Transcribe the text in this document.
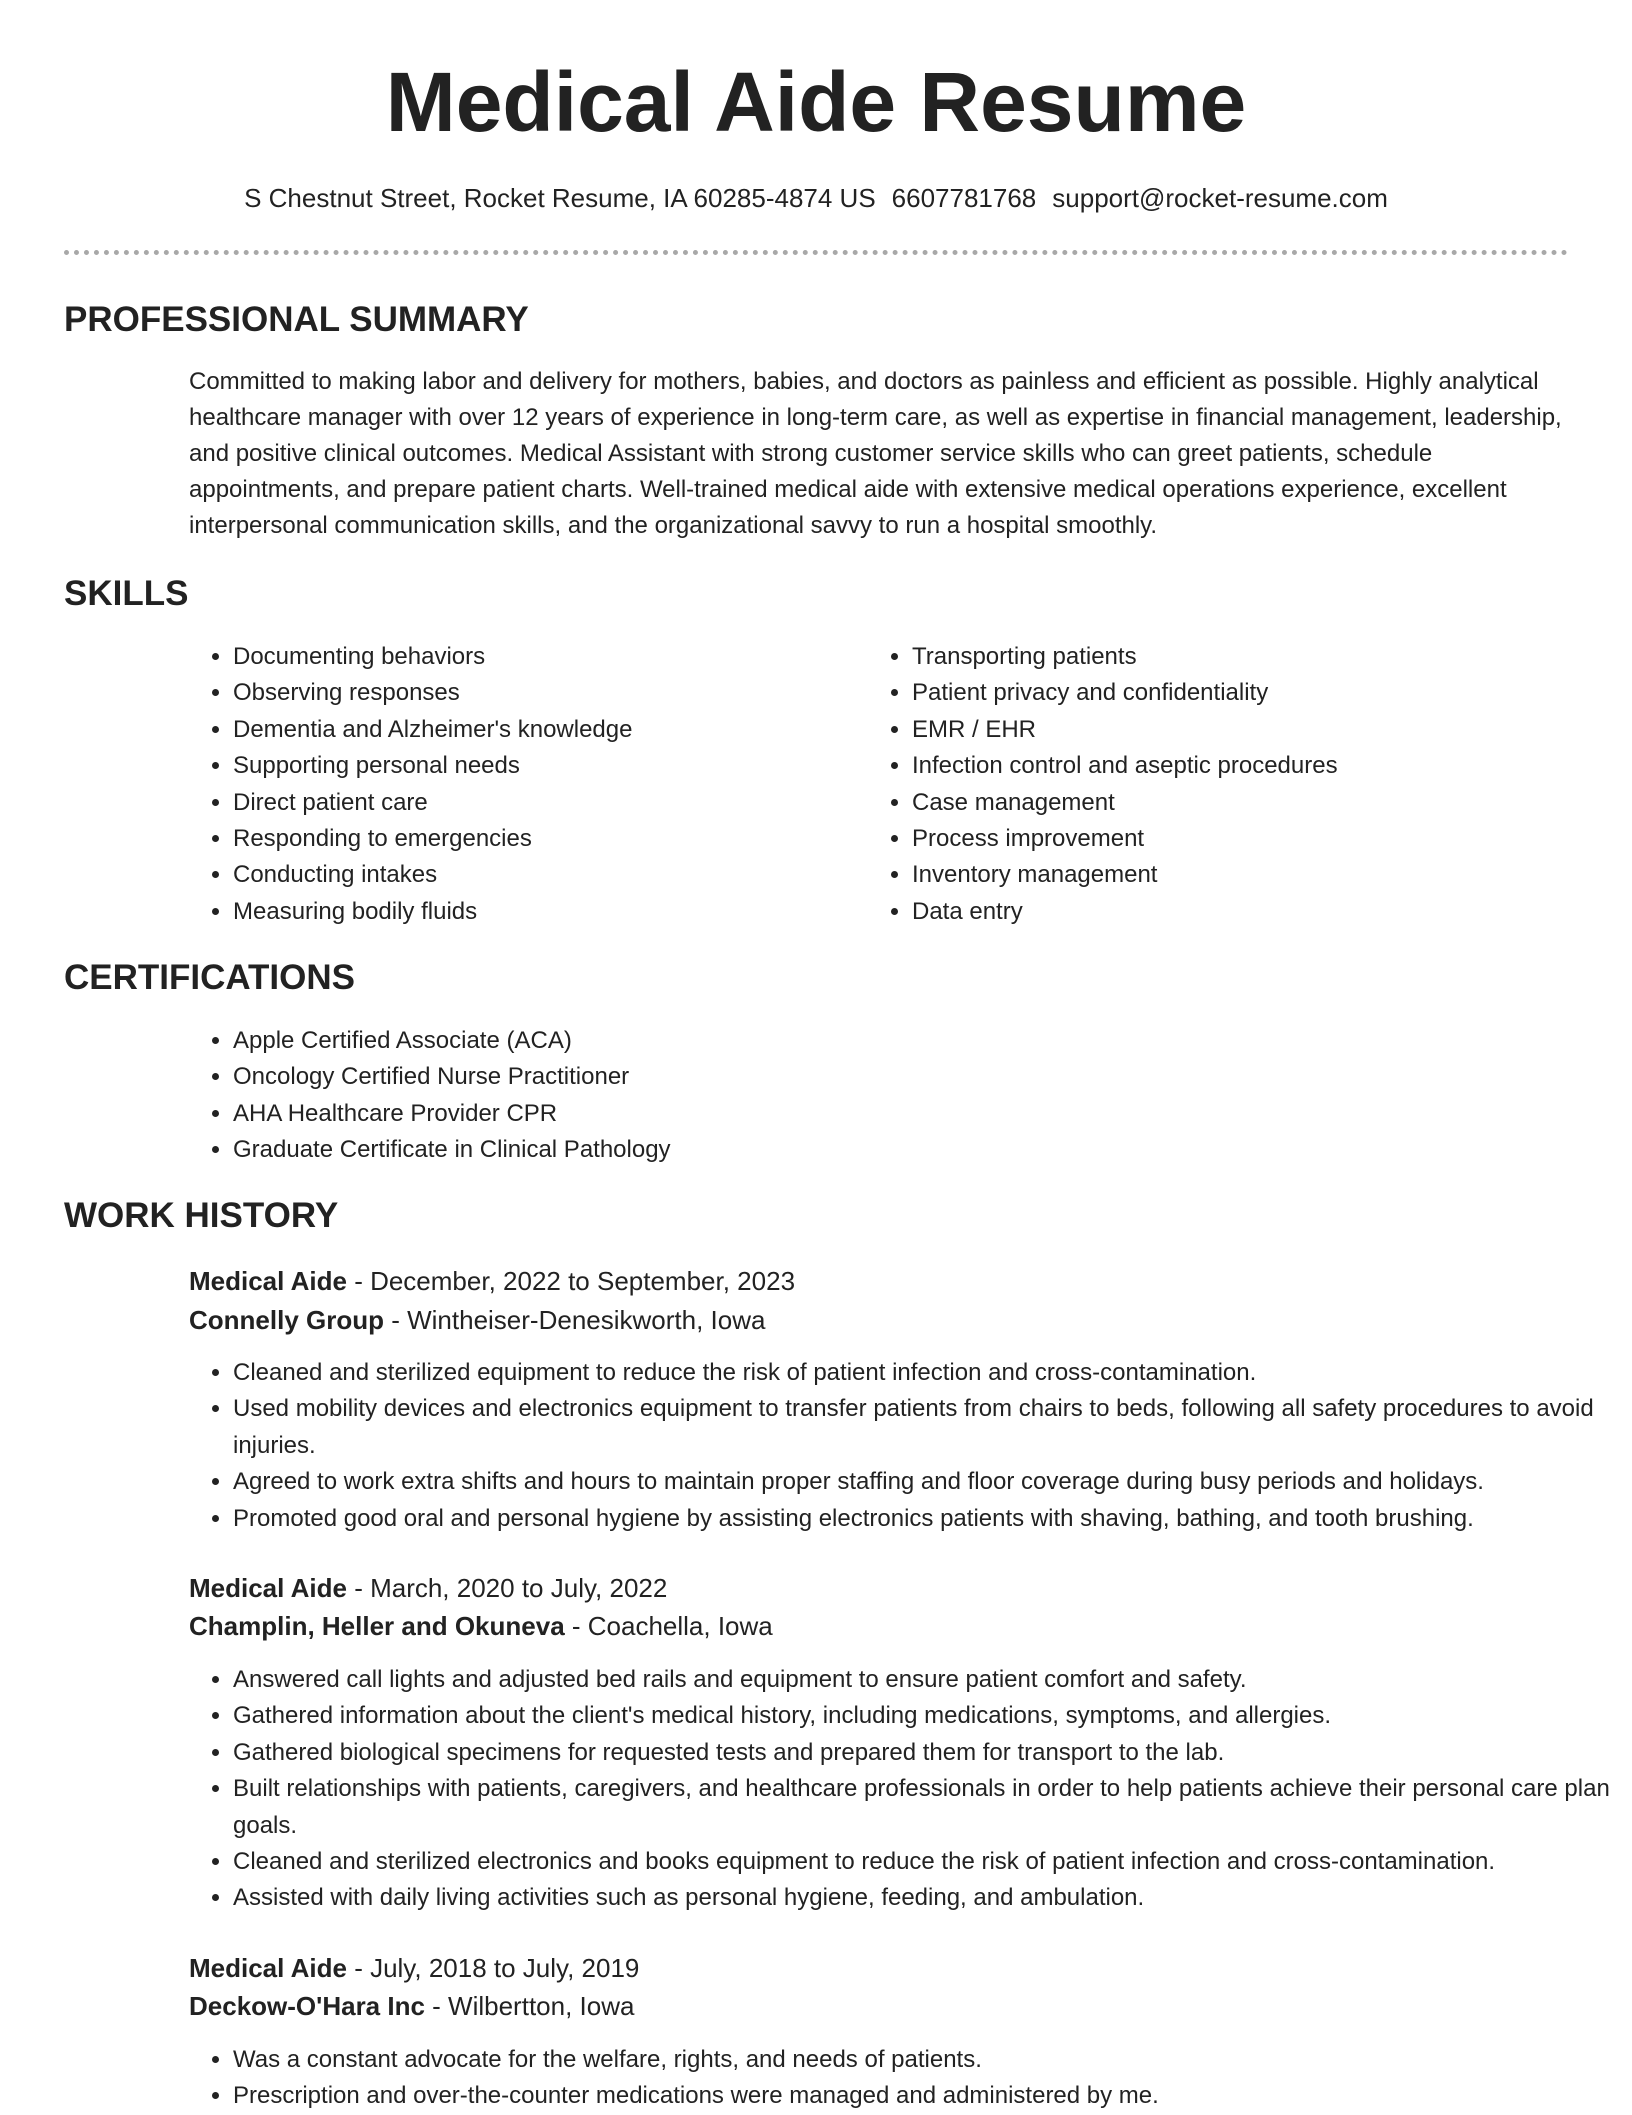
Medical Aide Resume
S Chestnut Street, Rocket Resume, IA 60285-4874 US 6607781768 support@rocket-resume.com
PROFESSIONAL SUMMARY

Committed to making labor and delivery for mothers, babies, and doctors as painless and efficient as possible. Highly analytical healthcare manager with over 12 years of experience in long-term care, as well as expertise in financial management, leadership, and positive clinical outcomes. Medical Assistant with strong customer service skills who can greet patients, schedule appointments, and prepare patient charts. Well-trained medical aide with extensive medical operations experience, excellent interpersonal communication skills, and the organizational savvy to run a hospital smoothly.

SKILLS
• Documenting behaviors
• Observing responses
• Dementia and Alzheimer's knowledge
• Supporting personal needs
• Direct patient care
• Responding to emergencies
• Conducting intakes
• Measuring bodily fluids
• Transporting patients
• Patient privacy and confidentiality
• EMR / EHR
• Infection control and aseptic procedures
• Case management
• Process improvement
• Inventory management
• Data entry
CERTIFICATIONS
• Apple Certified Associate (ACA)
• Oncology Certified Nurse Practitioner
• AHA Healthcare Provider CPR
• Graduate Certificate in Clinical Pathology
WORK HISTORY
Medical Aide - December, 2022 to September, 2023
Connelly Group - Wintheiser-Denesikworth, Iowa
• Cleaned and sterilized equipment to reduce the risk of patient infection and cross-contamination.
• Used mobility devices and electronics equipment to transfer patients from chairs to beds, following all safety procedures to avoid injuries.
• Agreed to work extra shifts and hours to maintain proper staffing and floor coverage during busy periods and holidays.
• Promoted good oral and personal hygiene by assisting electronics patients with shaving, bathing, and tooth brushing.
Medical Aide - March, 2020 to July, 2022
Champlin, Heller and Okuneva - Coachella, Iowa
• Answered call lights and adjusted bed rails and equipment to ensure patient comfort and safety.
• Gathered information about the client's medical history, including medications, symptoms, and allergies.
• Gathered biological specimens for requested tests and prepared them for transport to the lab.
• Built relationships with patients, caregivers, and healthcare professionals in order to help patients achieve their personal care plan goals.
• Cleaned and sterilized electronics and books equipment to reduce the risk of patient infection and cross-contamination.
• Assisted with daily living activities such as personal hygiene, feeding, and ambulation.
Medical Aide - July, 2018 to July, 2019
Deckow-O'Hara Inc - Wilbertton, Iowa
• Was a constant advocate for the welfare, rights, and needs of patients.
• Prescription and over-the-counter medications were managed and administered by me.
